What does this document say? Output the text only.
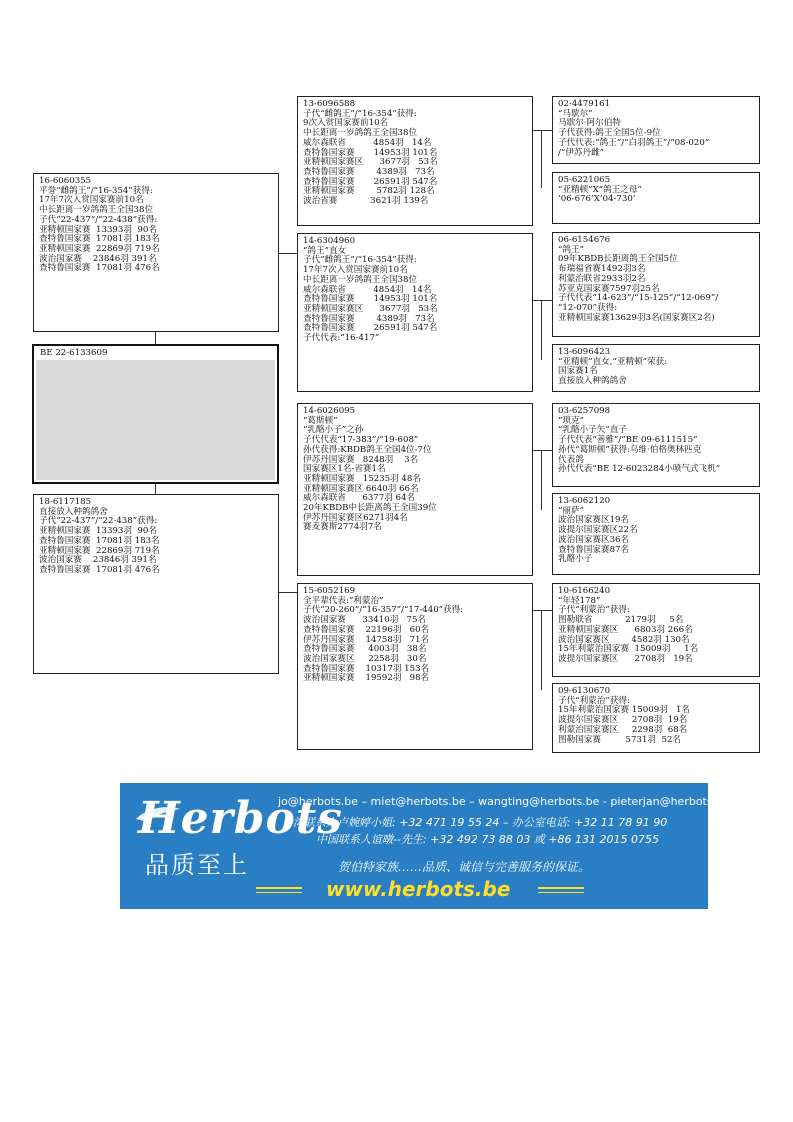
16-6060355
平誉“雌鸽王”/“16-354”获得:
17年7次入赏国家赛前10名
中长距离一岁鸽鸽王全国38位
子代“22-437”/“22-438”获得:
亚精顿国家赛  13393羽  90名
查特鲁国家赛  17081羽 183名
亚精顿国家赛  22869羽 719名
波治国家赛    23846羽 391名
查特鲁国家赛  17081羽 476名
BE 22-6133609
18-6117185
直接放入种鸽鸽舍
子代“22-437”/“22-438”获得:
亚精顿国家赛  13393羽  90名
查特鲁国家赛  17081羽 183名
亚精顿国家赛  22869羽 719名
波治国家赛    23846羽 391名
查特鲁国家赛  17081羽 476名
13-6096588
子代“雌鸽王”/“16-354”获得:
9次入赏国家赛前10名
中长距离一岁鸽鸽王全国38位
威尔森联省          4854羽   14名
查特鲁国家赛       14953羽 101名
亚精顿国家赛区      3677羽   53名
查特鲁国家赛        4389羽   73名
查特鲁国家赛       26591羽 547名
亚精顿国家赛        5782羽 128名
波治省赛            3621羽 139名
14-6304960
“鸽王”直女
子代“雌鸽王”/“16-354”获得:
17年7次入赏国家赛前10名
中长距离一岁鸽鸽王全国38位
威尔森联省          4854羽   14名
查特鲁国家赛       14953羽 101名
亚精顿国家赛区      3677羽   53名
查特鲁国家赛        4389羽   73名
查特鲁国家赛       26591羽 547名
子代代表:“16-417”
14-6026095
“葛斯顿”
“乳酪小子”之孙
子代代表“17-383”/“19-608”
孙代获得:KBDB鸽王全国4位-7位
伊苏丹国家赛   8248羽    3名
国家赛区1名-省赛1名
亚精顿国家赛   15235羽 48名
亚精顿国家赛区 6640羽 66名
威尔森联省      6377羽 64名
20年KBDB中长距离鸽王全国39位
伊苏丹国家赛区6271羽4名
赛麦赛斯2774羽7名
15-6052169
全平辈代表:“利蒙治”
子代“20-260”/“16-357”/“17-440”获得:
波治国家赛      33410羽   75名
查特鲁国家赛    22196羽   60名
伊苏丹国家赛    14758羽   71名
查特鲁国家赛     4003羽   38名
波治国家赛区     2258羽   30名
查特鲁国家赛    10317羽 153名
亚精顿国家赛    19592羽   98名
02-4479161
“马歇尔”
马歇尔·阿尔伯特
子代获得:鸽王全国5位-9位
子代代表:“鸽王”/“白羽鸽王”/“08-020”
/“伊苏丹雌”
05-6221065
“亚精顿”X“鸽王之母”
‘06-676’X‘04-730’
06-6154676
“鸽王”
09年KBDB长距离鸽王全国5位
布瑞福省赛1492羽3名
利蒙治联省2933羽2名
苏亚克国家赛7597羽25名
子代代表“14-623”/“15-125”/“12-069”/
“12-070”获得:
亚精顿国家赛13629羽3名(国家赛区2名)
13-6096423
“亚精顿”直女,“亚精顿”荣获:
国家赛1名
直接放入种鸽鸽舍
03-6257098
“琐克”
“乳酪小子矢”直子
子代代表“善雅”/“BE 09-6111515”
孙代“葛斯顿”获得:乌维·伯格奥林匹克
代表鸽
孙代代表“BE 12-6023284小喷气式飞机”
13-6062120
“丽萨”
波治国家赛区19名
波提尔国家赛区22名
波治国家赛区36名
查特鲁国家赛87名
乳酪小子
10-6166240
“年轻178”
子代“利蒙治”获得:
图勒联省            2179羽     5名
亚精顿国家赛区      6803羽 266名
波治国家赛区        4582羽 130名
15年利蒙治国家赛  15009羽     1名
波提尔国家赛区      2708羽   19名
09-6130670
子代“利蒙治”获得:
15年利蒙治国家赛 15009羽   1名
波提尔国家赛区     2708羽  19名
利蒙治国家赛区     2298羽  68名
图勒国家赛         5731羽  52名
Herbots
品质至上
jo@herbots.be – miet@herbots.be – wangting@herbots.be - pieterjan@herbots.be
台湾联系人卢婉婷小姐: +32 471 19 55 24 – 办公室电话: +32 11 78 91 90
中国联系人谊暾--先生: +32 492 73 88 03 或 +86 131 2015 0755
贺伯特家族……品质、诚信与完善服务的保证。
www.herbots.be
